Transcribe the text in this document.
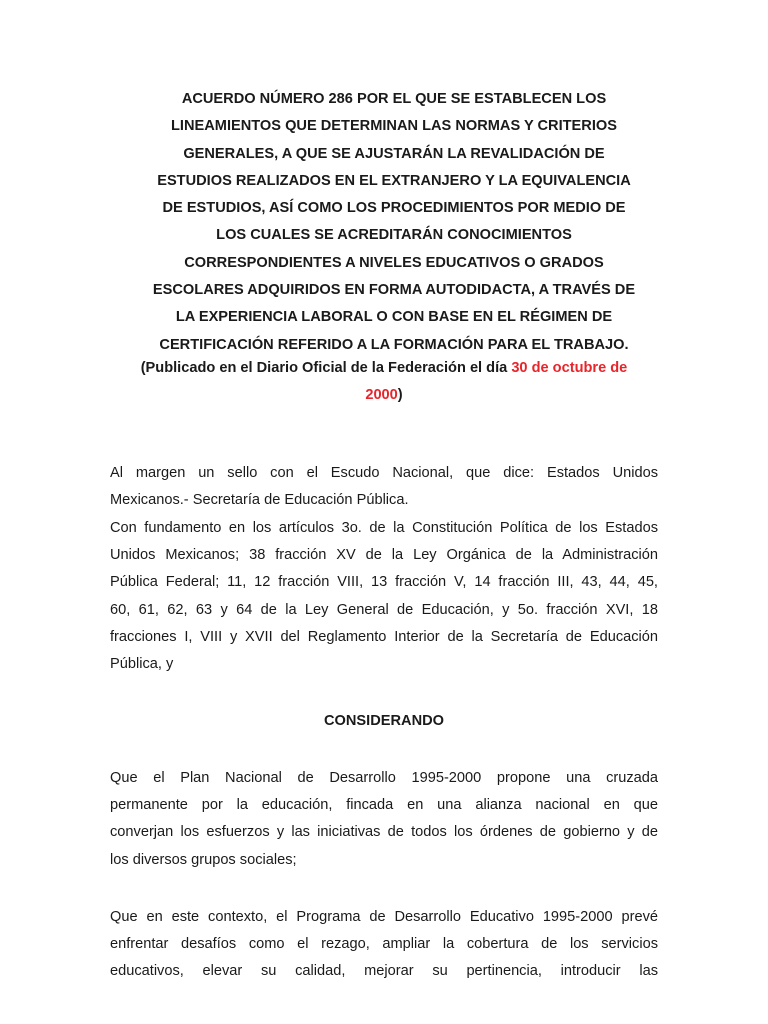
ACUERDO NÚMERO 286 POR EL QUE SE ESTABLECEN LOS
LINEAMIENTOS QUE DETERMINAN LAS NORMAS Y CRITERIOS
GENERALES, A QUE SE AJUSTARÁN LA REVALIDACIÓN DE
ESTUDIOS REALIZADOS EN EL EXTRANJERO Y LA EQUIVALENCIA
DE ESTUDIOS, ASÍ COMO LOS PROCEDIMIENTOS POR MEDIO DE
LOS CUALES SE ACREDITARÁN CONOCIMIENTOS
CORRESPONDIENTES A NIVELES EDUCATIVOS O GRADOS
ESCOLARES ADQUIRIDOS EN FORMA AUTODIDACTA, A TRAVÉS DE
LA EXPERIENCIA LABORAL O CON BASE EN EL RÉGIMEN DE
CERTIFICACIÓN REFERIDO A LA FORMACIÓN PARA EL TRABAJO.

(Publicado en el Diario Oficial de la Federación el día 30 de octubre de
2000)

Al margen un sello con el Escudo Nacional, que dice: Estados Unidos
Mexicanos.- Secretaría de Educación Pública.

Con fundamento en los artículos 3o. de la Constitución Política de los Estados
Unidos Mexicanos; 38 fracción XV de la Ley Orgánica de la Administración
Pública Federal; 11, 12 fracción VIII, 13 fracción V, 14 fracción III, 43, 44, 45,
60, 61, 62, 63 y 64 de la Ley General de Educación, y 5o. fracción XVI, 18
fracciones I, VIII y XVII del Reglamento Interior de la Secretaría de Educación
Pública, y

CONSIDERANDO

Que el Plan Nacional de Desarrollo 1995-2000 propone una cruzada
permanente por la educación, fincada en una alianza nacional en que
converjan los esfuerzos y las iniciativas de todos los órdenes de gobierno y de
los diversos grupos sociales;

Que en este contexto, el Programa de Desarrollo Educativo 1995-2000 prevé
enfrentar desafíos como el rezago, ampliar la cobertura de los servicios
educativos, elevar su calidad, mejorar su pertinencia, introducir las
